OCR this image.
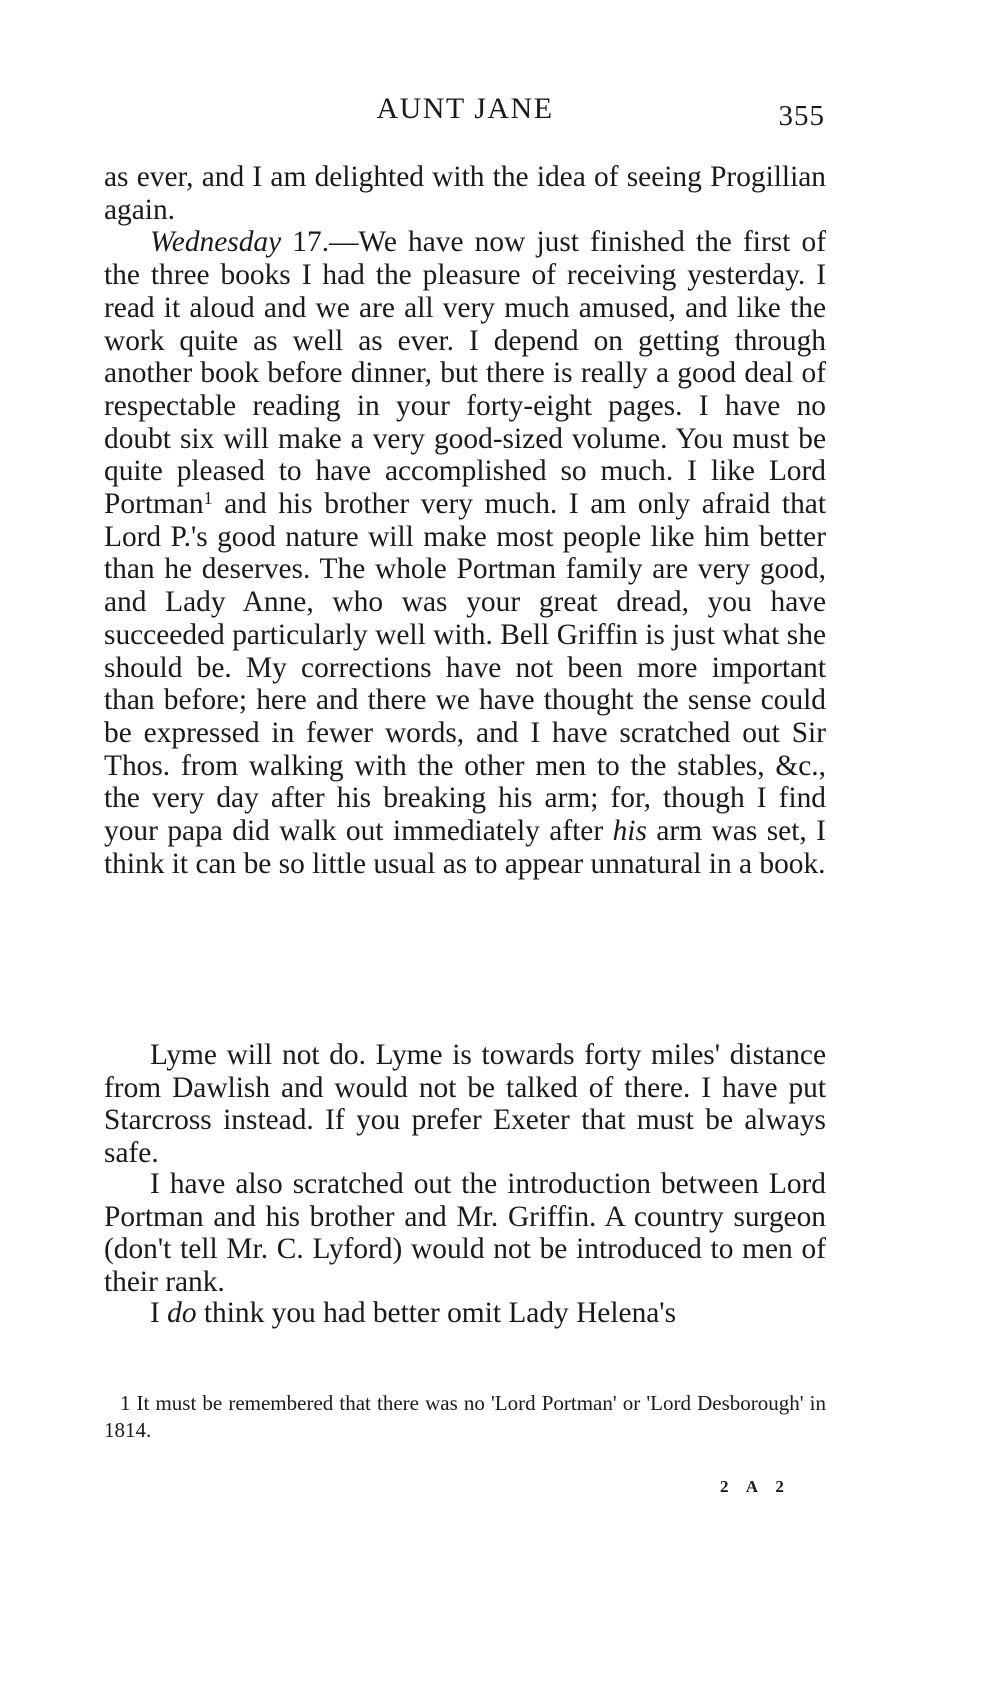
AUNT JANE	355

as ever, and I am delighted with the idea of seeing Progillian again.

Wednesday 17.—We have now just finished the first of the three books I had the pleasure of receiving yesterday. I read it aloud and we are all very much amused, and like the work quite as well as ever. I depend on getting through another book before dinner, but there is really a good deal of respectable reading in your forty-eight pages. I have no doubt six will make a very good-sized volume. You must be quite pleased to have accomplished so much. I like Lord Portman$^1$ and his brother very much. I am only afraid that Lord P.'s good nature will make most people like him better than he deserves. The whole Portman family are very good, and Lady Anne, who was your great dread, you have succeeded particularly well with. Bell Griffin is just what she should be. My corrections have not been more important than before; here and there we have thought the sense could be expressed in fewer words, and I have scratched out Sir Thos. from walking with the other men to the stables, &c., the very day after his breaking his arm; for, though I find your papa did walk out immediately after his arm was set, I think it can be so little usual as to appear unnatural in a book.

Lyme will not do. Lyme is towards forty miles' distance from Dawlish and would not be talked of there. I have put Starcross instead. If you prefer Exeter that must be always safe.

I have also scratched out the introduction between Lord Portman and his brother and Mr. Griffin. A country surgeon (don't tell Mr. C. Lyford) would not be introduced to men of their rank.

I do think you had better omit Lady Helena's

1 It must be remembered that there was no 'Lord Portman' or 'Lord Desborough' in 1814.
2 A 2
